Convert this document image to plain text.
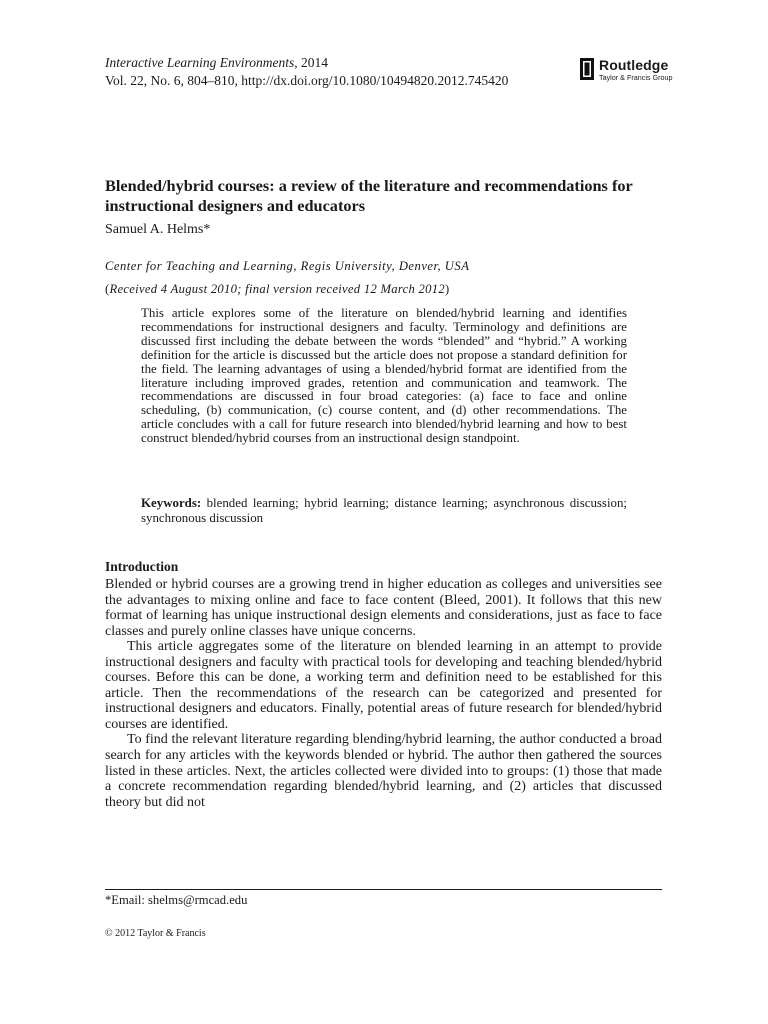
Interactive Learning Environments, 2014
Vol. 22, No. 6, 804–810, http://dx.doi.org/10.1080/10494820.2012.745420
Routledge
Taylor & Francis Group
Blended/hybrid courses: a review of the literature and recommendations for instructional designers and educators
Samuel A. Helms*
Center for Teaching and Learning, Regis University, Denver, USA
(Received 4 August 2010; final version received 12 March 2012)

This article explores some of the literature on blended/hybrid learning and identifies recommendations for instructional designers and faculty. Terminology and definitions are discussed first including the debate between the words “blended” and “hybrid.” A working definition for the article is discussed but the article does not propose a standard definition for the field. The learning advantages of using a blended/hybrid format are identified from the literature including improved grades, retention and communication and teamwork. The recommendations are discussed in four broad categories: (a) face to face and online scheduling, (b) communication, (c) course content, and (d) other recommendations. The article concludes with a call for future research into blended/hybrid learning and how to best construct blended/hybrid courses from an instructional design standpoint.

Keywords: blended learning; hybrid learning; distance learning; asynchronous discussion; synchronous discussion

Introduction

Blended or hybrid courses are a growing trend in higher education as colleges and universities see the advantages to mixing online and face to face content (Bleed, 2001). It follows that this new format of learning has unique instructional design elements and considerations, just as face to face classes and purely online classes have unique concerns.

This article aggregates some of the literature on blended learning in an attempt to provide instructional designers and faculty with practical tools for developing and teaching blended/hybrid courses. Before this can be done, a working term and definition need to be established for this article. Then the recommendations of the research can be categorized and presented for instructional designers and educators. Finally, potential areas of future research for blended/hybrid courses are identified.

To find the relevant literature regarding blending/hybrid learning, the author conducted a broad search for any articles with the keywords blended or hybrid. The author then gathered the sources listed in these articles. Next, the articles collected were divided into to groups: (1) those that made a concrete recommendation regarding blended/hybrid learning, and (2) articles that discussed theory but did not

*Email: shelms@rmcad.edu
© 2012 Taylor & Francis
